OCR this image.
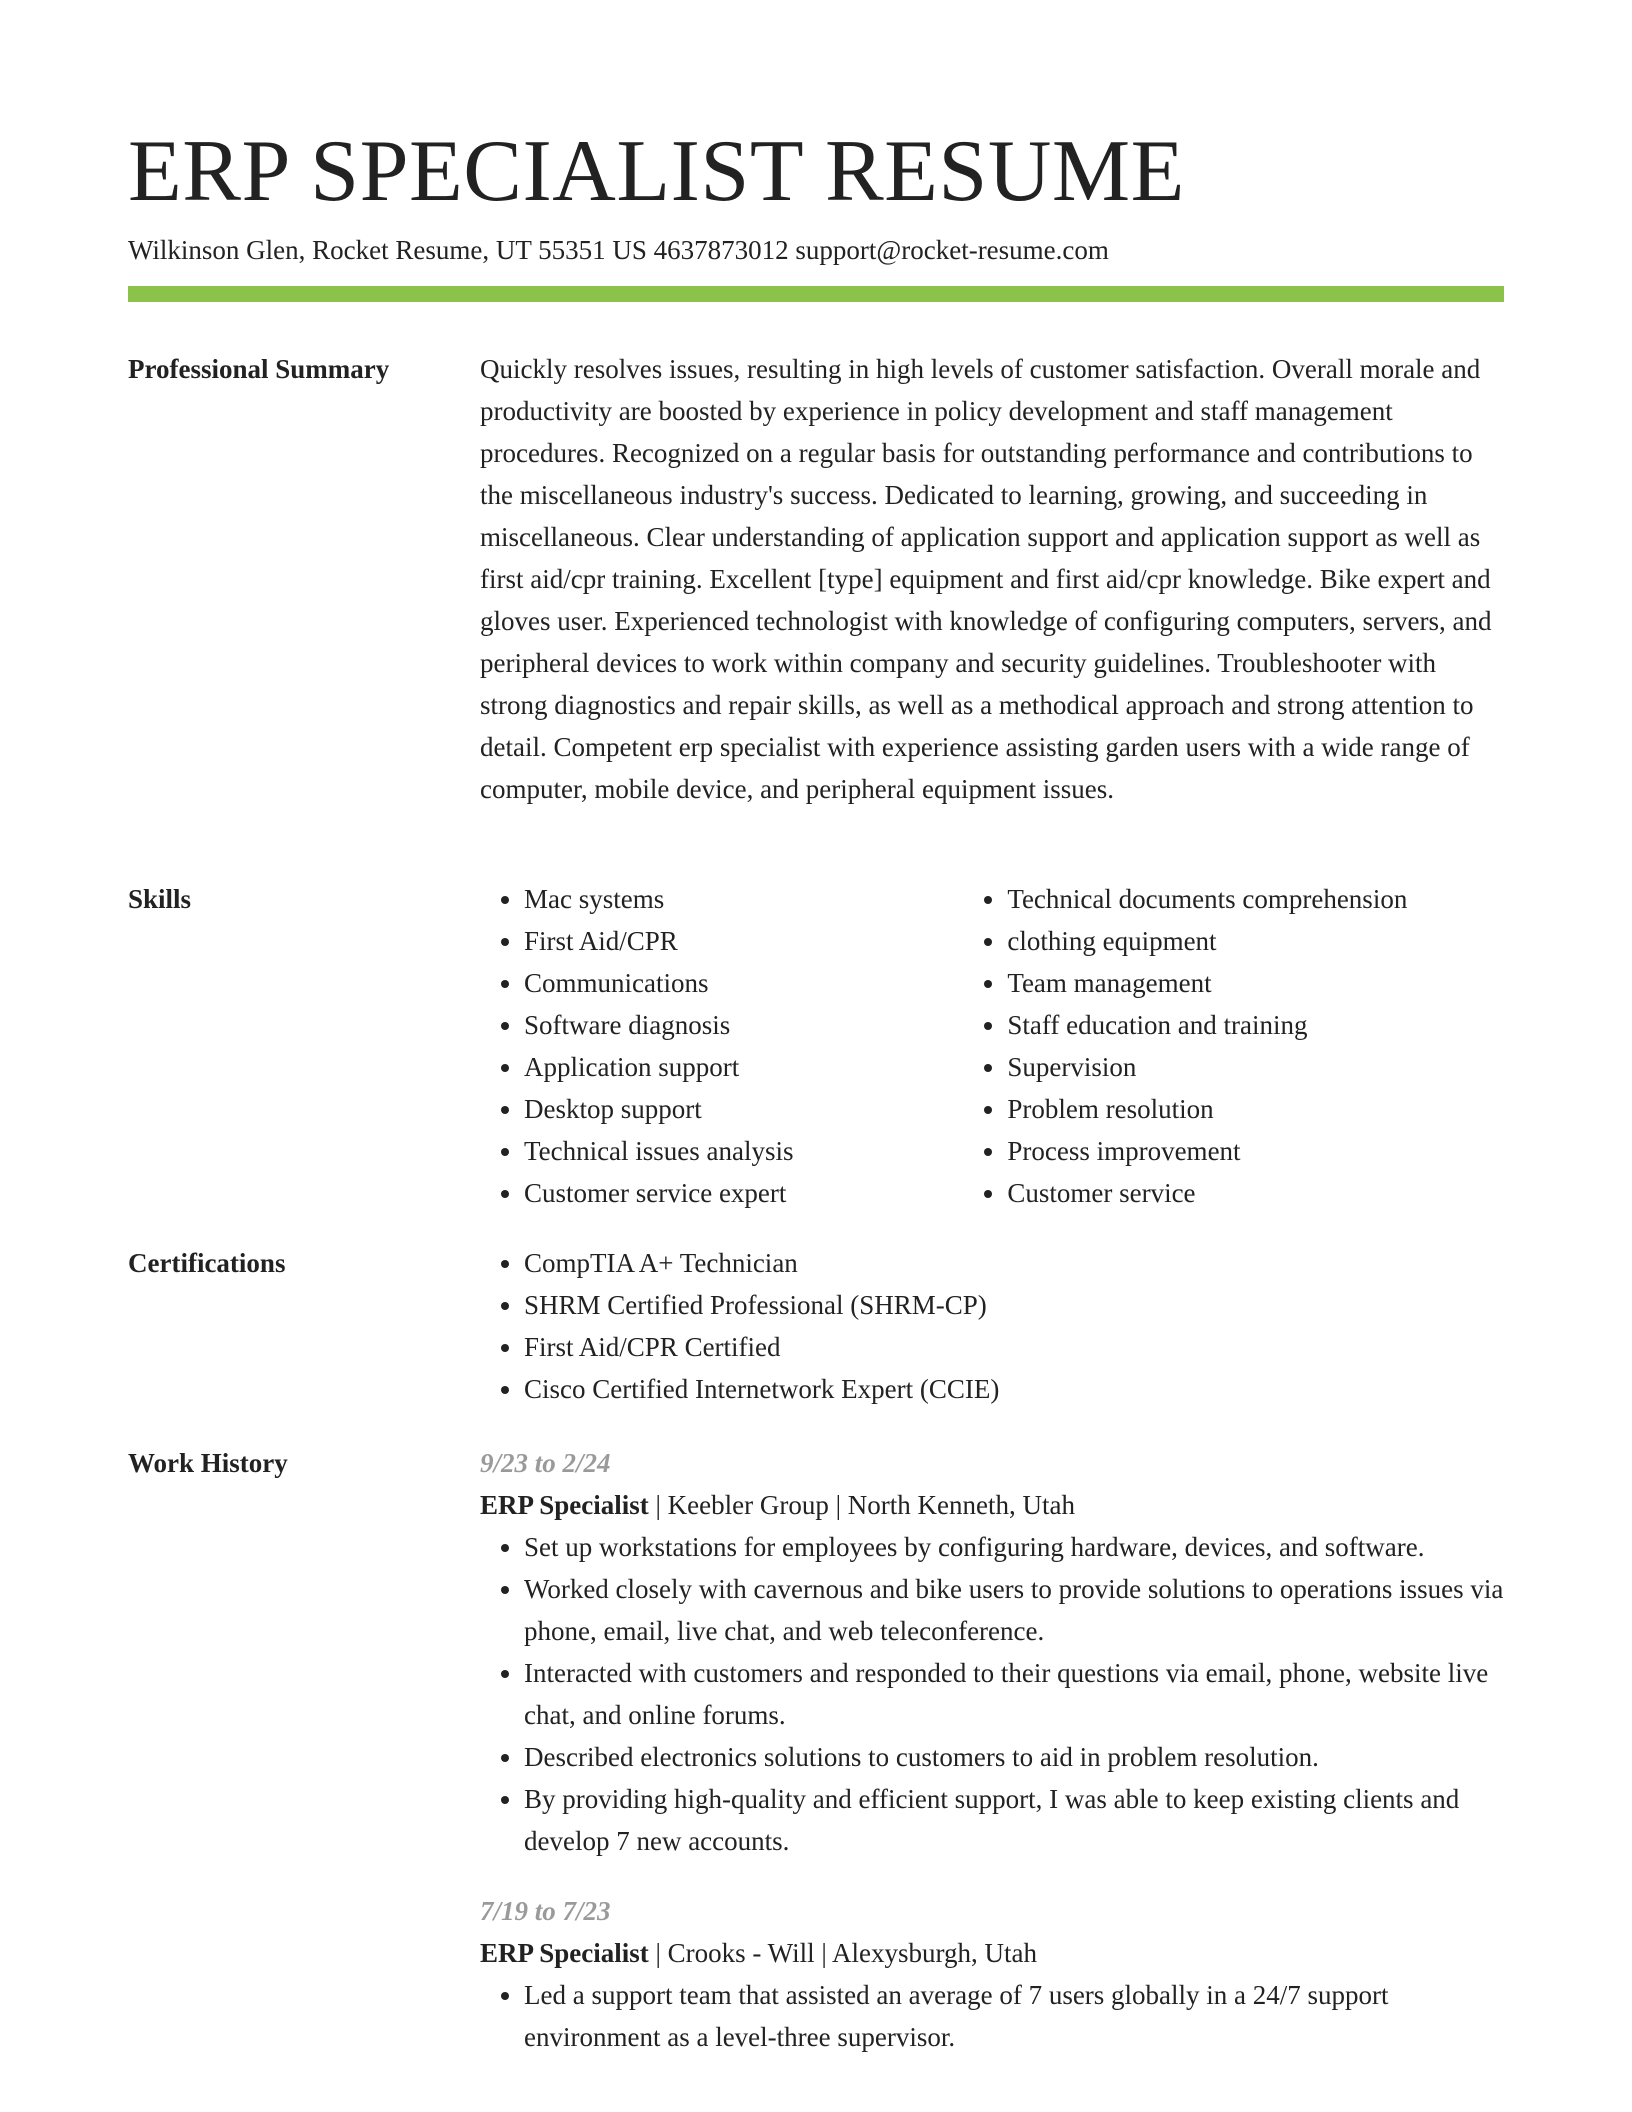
ERP SPECIALIST RESUME
Wilkinson Glen, Rocket Resume, UT 55351 US 4637873012 support@rocket-resume.com
Professional Summary	Quickly resolves issues, resulting in high levels of customer satisfaction. Overall morale and productivity are boosted by experience in policy development and staff management procedures. Recognized on a regular basis for outstanding performance and contributions to the miscellaneous industry's success. Dedicated to learning, growing, and succeeding in miscellaneous. Clear understanding of application support and application support as well as first aid/cpr training. Excellent [type] equipment and first aid/cpr knowledge. Bike expert and gloves user. Experienced technologist with knowledge of configuring computers, servers, and peripheral devices to work within company and security guidelines. Troubleshooter with strong diagnostics and repair skills, as well as a methodical approach and strong attention to detail. Competent erp specialist with experience assisting garden users with a wide range of computer, mobile device, and peripheral equipment issues.

Skills	• Mac systems
• First Aid/CPR
• Communications
• Software diagnosis
• Application support
• Desktop support
• Technical issues analysis
• Customer service expert
• Technical documents comprehension
• clothing equipment
• Team management
• Staff education and training
• Supervision
• Problem resolution
• Process improvement
• Customer service
Certifications	• CompTIA A+ Technician
• SHRM Certified Professional (SHRM-CP)
• First Aid/CPR Certified
• Cisco Certified Internetwork Expert (CCIE)
Work History	9/23 to 2/24

ERP Specialist | Keebler Group | North Kenneth, Utah

• Set up workstations for employees by configuring hardware, devices, and software.
• Worked closely with cavernous and bike users to provide solutions to operations issues via phone, email, live chat, and web teleconference.
• Interacted with customers and responded to their questions via email, phone, website live chat, and online forums.
• Described electronics solutions to customers to aid in problem resolution.
• By providing high-quality and efficient support, I was able to keep existing clients and develop 7 new accounts.

7/19 to 7/23

ERP Specialist | Crooks - Will | Alexysburgh, Utah

• Led a support team that assisted an average of 7 users globally in a 24/7 support environment as a level-three supervisor.
